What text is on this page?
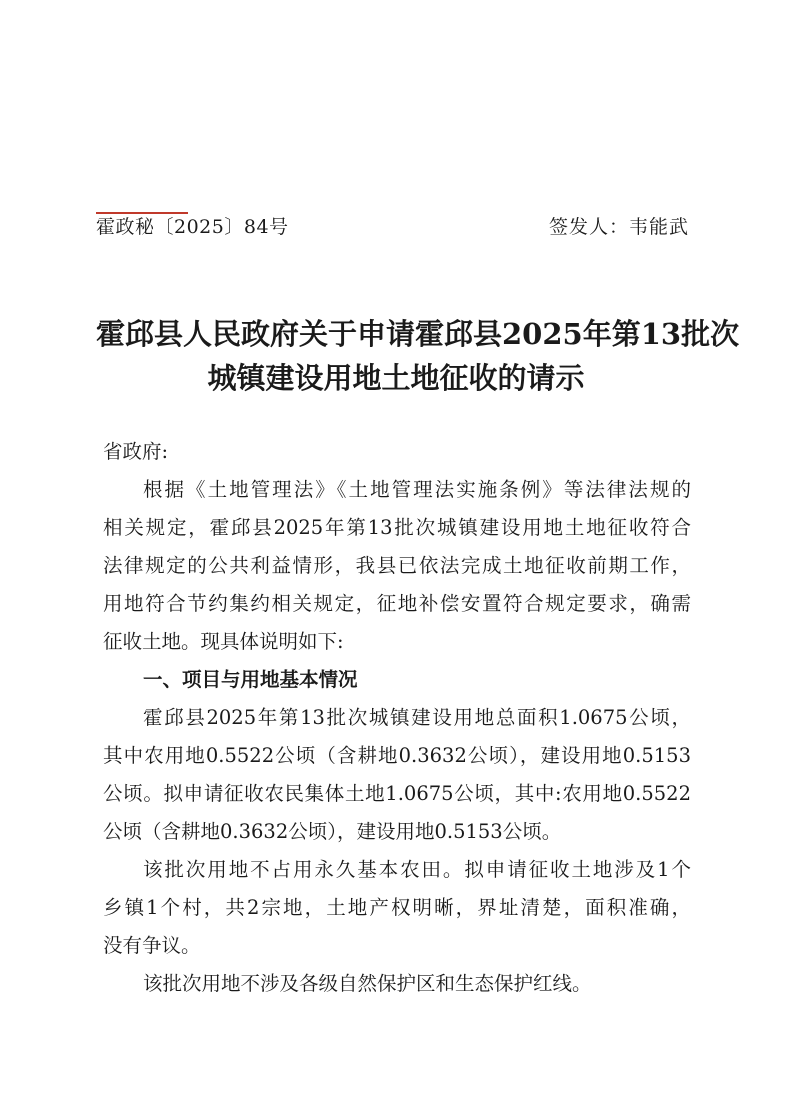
霍政秘〔2025〕84号	签发人：韦能武
霍邱县人民政府关于申请霍邱县2025年第13批次
城镇建设用地土地征收的请示
省政府:
根据《土地管理法》《土地管理法实施条例》等法律法规的
相关规定，霍邱县2025年第13批次城镇建设用地土地征收符合
法律规定的公共利益情形，我县已依法完成土地征收前期工作，
用地符合节约集约相关规定，征地补偿安置符合规定要求，确需
征收土地。现具体说明如下:
一、项目与用地基本情况
霍邱县2025年第13批次城镇建设用地总面积1.0675公顷，
其中农用地0.5522公顷（含耕地0.3632公顷），建设用地0.5153
公顷。拟申请征收农民集体土地1.0675公顷，其中:农用地0.5522
公顷（含耕地0.3632公顷），建设用地0.5153公顷。
该批次用地不占用永久基本农田。拟申请征收土地涉及1个
乡镇1个村，共2宗地，土地产权明晰，界址清楚，面积准确，
没有争议。
该批次用地不涉及各级自然保护区和生态保护红线。
